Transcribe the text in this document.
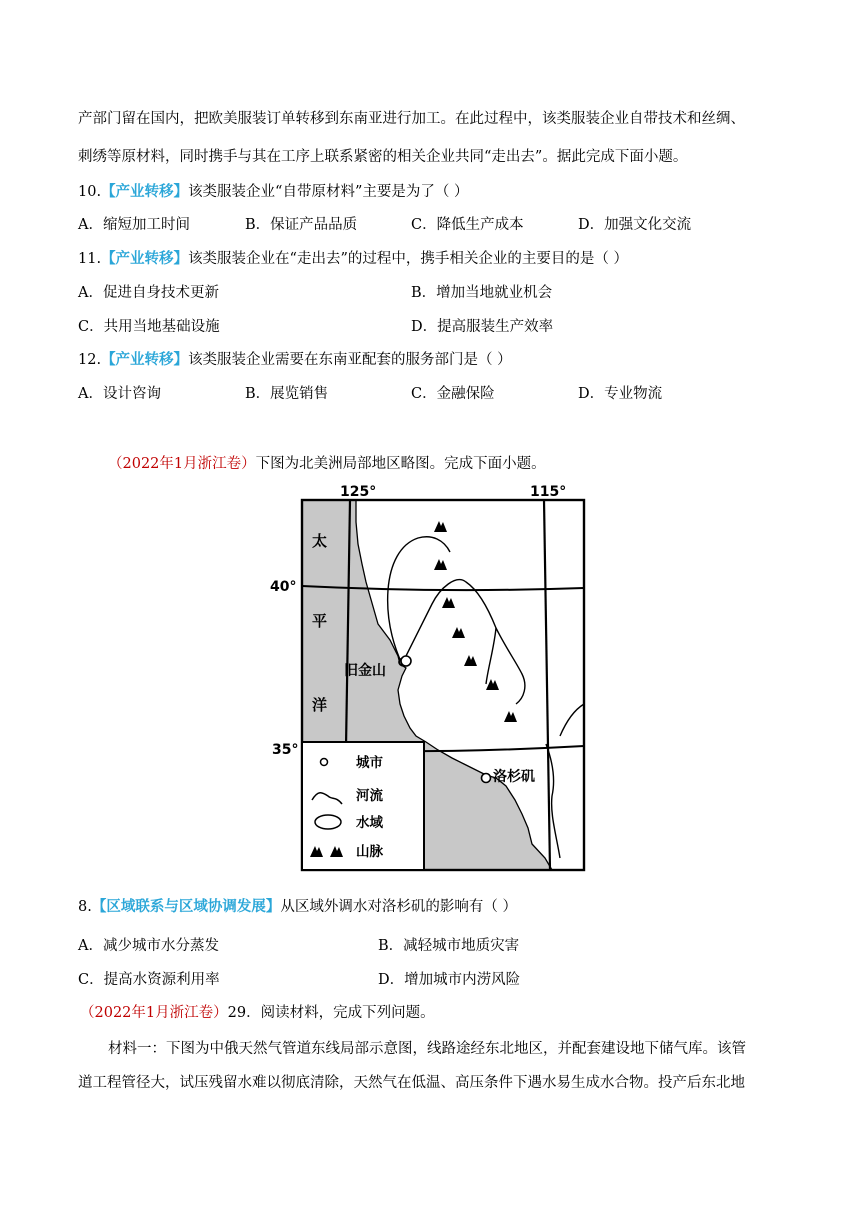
产部门留在国内，把欧美服装订单转移到东南亚进行加工。在此过程中，该类服装企业自带技术和丝绸、
刺绣等原材料，同时携手与其在工序上联系紧密的相关企业共同“走出去”。据此完成下面小题。
10.【产业转移】该类服装企业“自带原材料”主要是为了（ ）
A．缩短加工时间	B．保证产品品质	C．降低生产成本	D．加强文化交流
11.【产业转移】该类服装企业在“走出去”的过程中，携手相关企业的主要目的是（ ）
A．促进自身技术更新	B．增加当地就业机会
C．共用当地基础设施	D．提高服装生产效率
12.【产业转移】该类服装企业需要在东南亚配套的服务部门是（ ）
A．设计咨询	B．展览销售	C．金融保险	D．专业物流
（2022年1月浙江卷）下图为北美洲局部地区略图。完成下面小题。
125°	115°
40°
35°
太
平
洋
旧金山
洛杉矶
城市
河流
水域
山脉
8.【区域联系与区域协调发展】从区域外调水对洛杉矶的影响有（ ）
A．减少城市水分蒸发	B．减轻城市地质灾害
C．提高水资源利用率	D．增加城市内涝风险
（2022年1月浙江卷）29．阅读材料，完成下列问题。
材料一：下图为中俄天然气管道东线局部示意图，线路途经东北地区，并配套建设地下储气库。该管
道工程管径大，试压残留水难以彻底清除，天然气在低温、高压条件下遇水易生成水合物。投产后东北地
